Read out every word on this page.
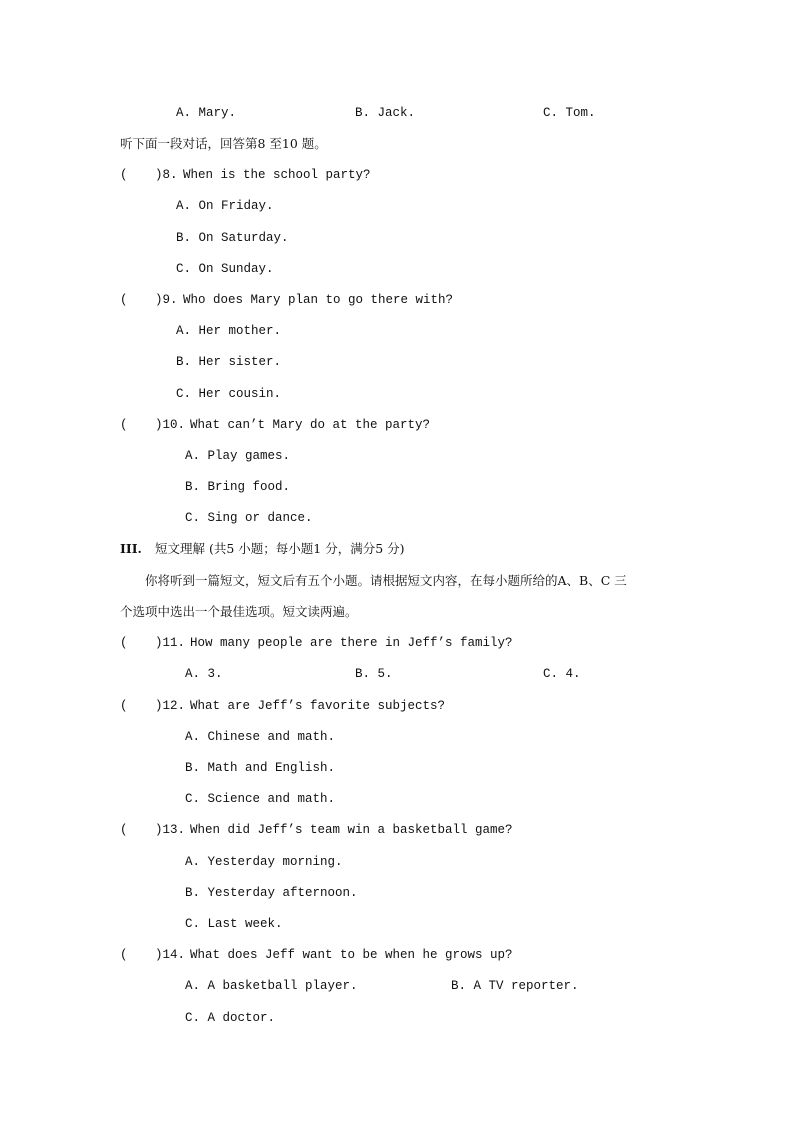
A. Mary.	B. Jack.	C. Tom.
听下面一段对话，回答第8 至10 题。
( )8. When is the school party?
A. On Friday.
B. On Saturday.
C. On Sunday.
( )9. Who does Mary plan to go there with?
A. Her mother.
B. Her sister.
C. Her cousin.
( )10. What can’t Mary do at the party?
A. Play games.
B. Bring food.
C. Sing or dance.
III. 短文理解 (共5 小题；每小题1 分，满分5 分)
你将听到一篇短文，短文后有五个小题。请根据短文内容，在每小题所给的A、B、C 三
个选项中选出一个最佳选项。短文读两遍。
( )11. How many people are there in Jeff’s family?
A. 3.	B. 5.	C. 4.
( )12. What are Jeff’s favorite subjects?
A. Chinese and math.
B. Math and English.
C. Science and math.
( )13. When did Jeff’s team win a basketball game?
A. Yesterday morning.
B. Yesterday afternoon.
C. Last week.
( )14. What does Jeff want to be when he grows up?
A. A basketball player.	B. A TV reporter.
C. A doctor.
